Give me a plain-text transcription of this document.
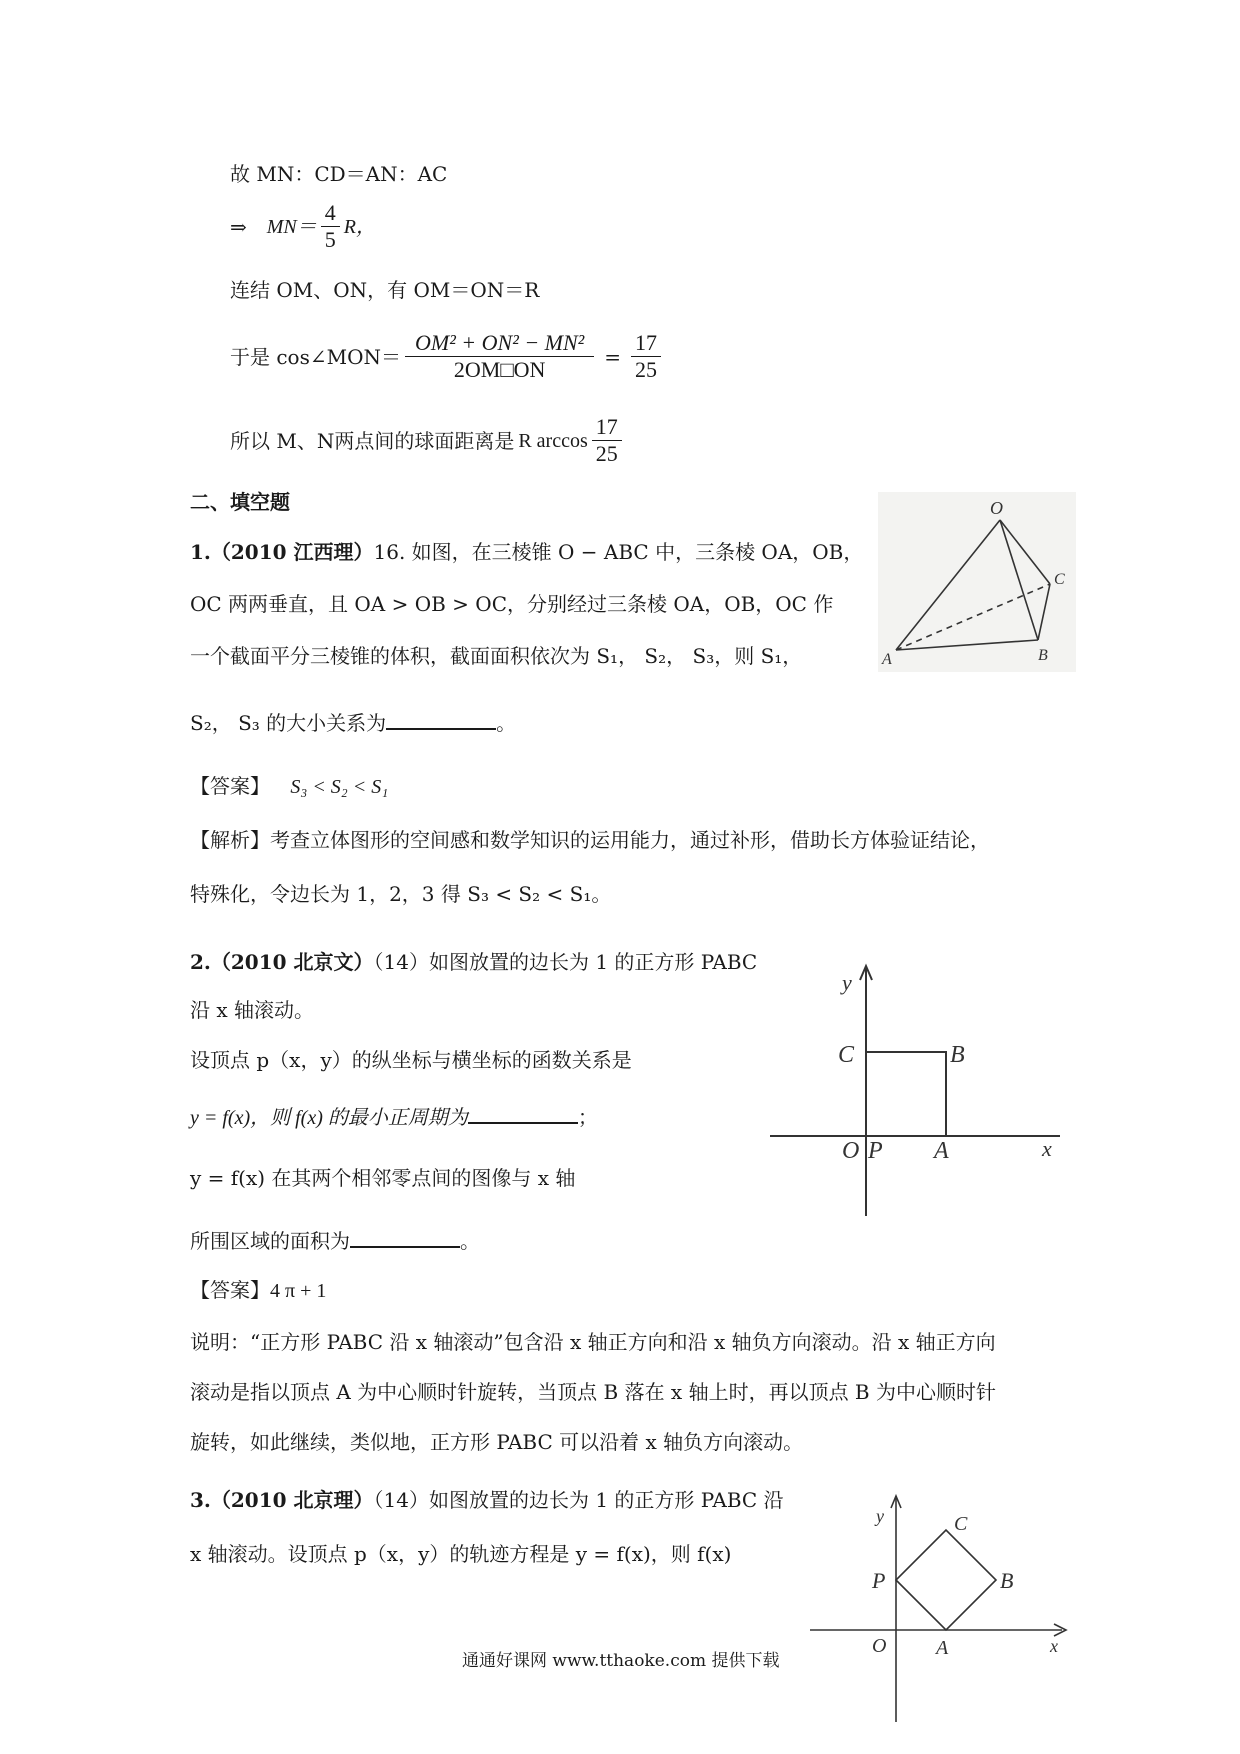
故 MN：CD＝AN：AC
⇒ $MN= \frac{4}{5}$ R，
连结 OM、ON，有 OM＝ON＝R
于是 cos∠MON＝ $\frac{\text{OM² + ON² − MN²}}{2OM□ON} = \frac{17}{25}$
所以 M、N两点间的球面距离是 R $\arccos \frac{17}{25}$
二、填空题
1.（2010 江西理）16. 如图，在三棱锥 O − ABC 中，三条棱 OA，OB，
OC 两两垂直，且 OA > OB > OC，分别经过三条棱 OA，OB，OC 作
一个截面平分三棱锥的体积，截面面积依次为 S₁， S₂， S₃，则 S₁，
S₂， S₃ 的大小关系为	。
【答案】 S₃ < S₂ < S₁
【解析】考查立体图形的空间感和数学知识的运用能力，通过补形，借助长方体验证结论，
特殊化，令边长为 1，2，3 得 S₃ < S₂ < S₁。
O
A	B
C
2.（2010 北京文）（14）如图放置的边长为 1 的正方形 PABC
沿 x 轴滚动。
设顶点 p（x，y）的纵坐标与横坐标的函数关系是
y = f(x)，则 f(x) 的最小正周期为	；
y = f(x) 在其两个相邻零点间的图像与 x 轴
所围区域的面积为	。
【答案】4 π + 1
说明：“正方形 PABC 沿 x 轴滚动”包含沿 x 轴正方向和沿 x 轴负方向滚动。沿 x 轴正方向
滚动是指以顶点 A 为中心顺时针旋转，当顶点 B 落在 x 轴上时，再以顶点 B 为中心顺时针
旋转，如此继续，类似地，正方形 PABC 可以沿着 x 轴负方向滚动。
y
C	B
O P A	x
3.（2010 北京理）（14）如图放置的边长为 1 的正方形 PABC 沿
x 轴滚动。设顶点 p（x，y）的轨迹方程是 y = f(x)，则 f(x)
y	C
P	B
O A	x
通通好课网 www.tthaoke.com 提供下载
